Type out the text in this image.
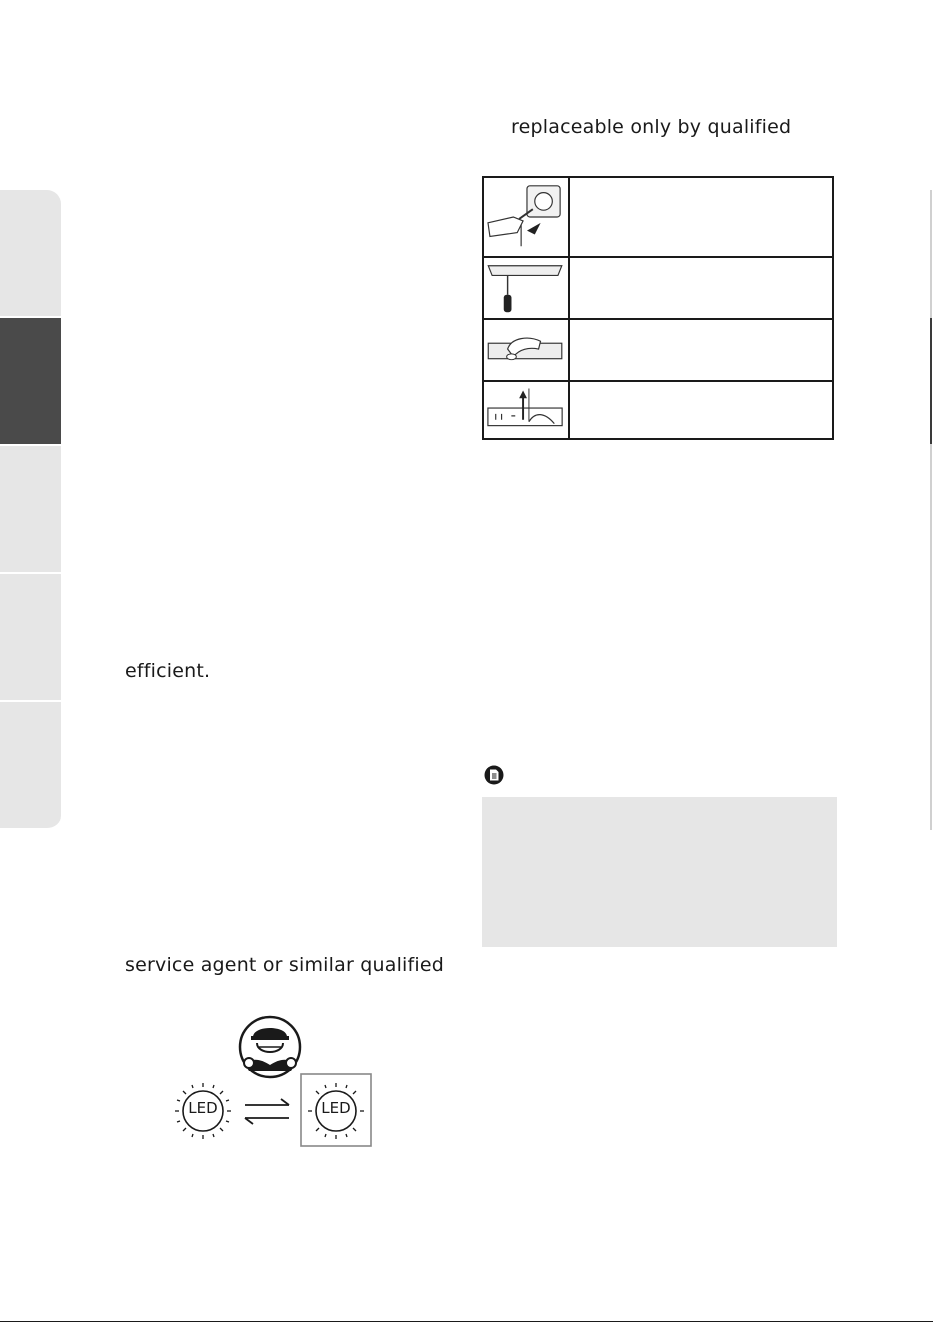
replaceable only by qualified
efficient.
service agent or similar qualified
LED	LED
